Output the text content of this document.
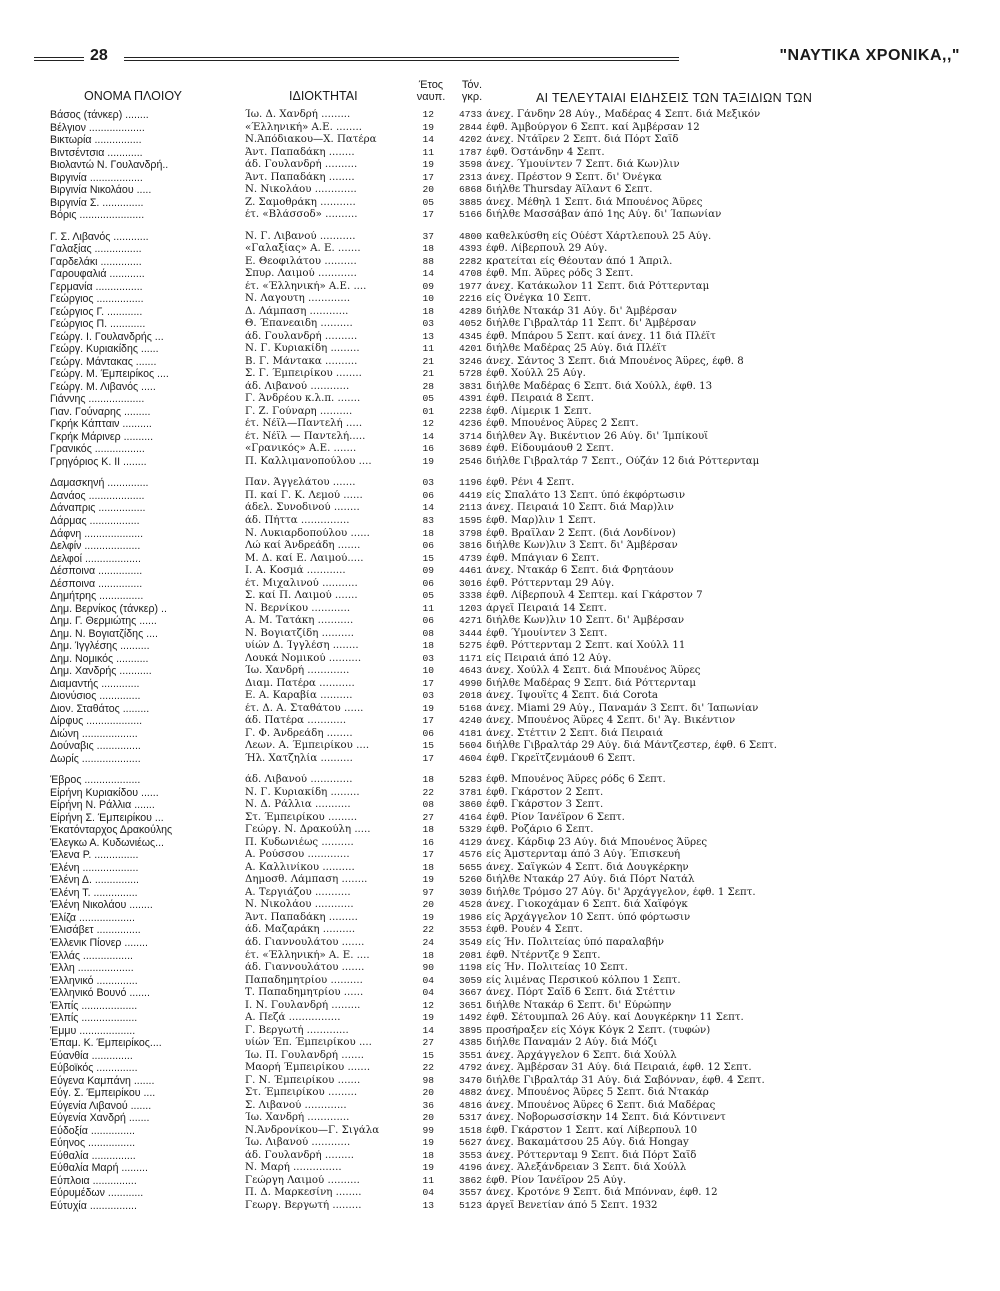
28	"ΝΑΥΤΙΚΑ ΧΡΟΝΙΚΑ,,"
ΟΝΟΜΑ ΠΛΟΙΟΥ	ΙΔΙΟΚΤΗΤΑΙ
Έτος
ναυπ.
Τόν.
γκρ.	ΑΙ ΤΕΛΕΥΤΑΙΑΙ ΕΙΔΗΣΕΙΣ ΤΩΝ ΤΑΞΙΔΙΩΝ ΤΩΝ
Βάσος (τάνκερ) ........	Ίω. Δ. Χανδρή .........	12	4733 άνεχ. Γάνδην 28 Αύγ., Μαδέρας 4 Σεπτ. διά Μεξικόν
Βέλγιον ...................	«Έλληνική» Α.Ε. ........	19	2844 έφθ. Άμβούργον 6 Σεπτ. καί Άμβέρσαν 12
Βικτωρία ................	Ν.Άπόδιακου—Χ. Πατέρα	14	4202 άνεχ. Ντάϊρεν 2 Σεπτ. διά Πόρτ Σαΐδ
Βιντσέντσια ............	Άντ. Παπαδάκη ........	11	1787 έφθ. Όστάνδην 4 Σεπτ.
Βιολαντώ Ν. Γουλανδρή..	άδ. Γουλανδρή ..........	19	3598 άνεχ. Ύμουίντεν 7 Σεπτ. διά Κων)λιν
Βιργινία ..................	Άντ. Παπαδάκη ........	17	2313 άνεχ. Πρέστον 9 Σεπτ. δι' Όνέγκα
Βιργινία Νικολάου .....	Ν. Νικολάου .............	20	6868 διήλθε Thursday Άϊλαντ 6 Σεπτ.
Βιργινία Σ. ..............	Ζ. Σαμοθράκη ...........	05	3885 άνεχ. Μέθηλ 1 Σεπτ. διά Μπουένος Άϋρες
Βόρις ......................	έτ. «Βλάσσοδ» ..........	17	5166 διήλθε Μασσάβαν άπό 1ης Αύγ. δι' Ίαπωνίαν
Γ. Σ. Λιβανός ............	Ν. Γ. Λιβανού ...........	37	4800 καθελκύσθη είς Ούέστ Χάρτλεπουλ 25 Αύγ.
Γαλαξίας ................	«Γαλαξίας» Α. Ε. .......	18	4393 έφθ. Λίβερπουλ 29 Αύγ.
Γαρδελάκι ..............	Ε. Θεοφιλάτου ..........	88	2282 κρατείται είς Θέουταν άπό 1 Άπριλ.
Γαρουφαλιά ............	Σπυρ. Λαιμού ............	14	4708 έφθ. Μπ. Άϋρες ρόδς 3 Σεπτ.
Γερμανία ................	έτ. «Έλληνική» Α.Ε. ....	09	1977 άνεχ. Κατάκωλον 11 Σεπτ. διά Ρόττερνταμ
Γεώργιος ................	Ν. Λαγουτη .............	10	2216 είς Όνέγκα 10 Σεπτ.
Γεώργιος Γ. ............	Δ. Λάμπαση ............	18	4289 διήλθε Ντακάρ 31 Αύγ. δι' Άμβέρσαν
Γεώργιος Π. ............	Θ. Έπανεαιδη ..........	03	4052 διήλθε Γιβραλτάρ 11 Σεπτ. δι' Άμβέρσαν
Γεώργ. Ι. Γουλανδρής ...	άδ. Γουλανδρή ..........	13	4345 έφθ. Μπάρου 5 Σεπτ. καί άνεχ. 11 διά Πλέϊτ
Γεώργ. Κυριακίδης ......	Ν. Γ. Κυριακίδη .........	11	4201 διήλθε Μαδέρας 25 Αύγ. διά Πλέϊτ
Γεώργ. Μάντακας .......	Β. Γ. Μάντακα ..........	21	3246 άνεχ. Σάντος 3 Σεπτ. διά Μπουένος Άϋρες, έφθ. 8
Γεώργ. Μ. Έμπειρίκος ....	Σ. Γ. Έμπειρίκου ........	21	5728 έφθ. Χούλλ 25 Αύγ.
Γεώργ. Μ. Λιβανός .....	άδ. Λιβανού ............	28	3831 διήλθε Μαδέρας 6 Σεπτ. διά Χούλλ, έφθ. 13
Γιάννης ...................	Γ. Άνδρέου κ.λ.π. .......	05	4391 έφθ. Πειραιά 8 Σεπτ.
Γιαν. Γούναρης .........	Γ. Ζ. Γούναρη ..........	01	2238 έφθ. Λίμερικ 1 Σεπτ.
Γκρήκ Κάπταιν ..........	έτ. Νέϊλ—Παντελή .....	12	4236 έφθ. Μπουένος Άϋρες 2 Σεπτ.
Γκρήκ Μάρινερ ..........	έτ. Νέϊλ — Παντελή.....	14	3714 διήλθεν Άγ. Βικέντιον 26 Αύγ. δι' Ίμπίκουϊ
Γρανικός .................	«Γρανικός» Α.Ε. .......	16	3689 έφθ. Είδουμάουθ 2 Σεπτ.
Γρηγόριος Κ. ΙΙ ........	Π. Καλλιμανοπούλου ....	19	2546 διήλθε Γιβραλτάρ 7 Σεπτ., Ούζάν 12 διά Ρόττερνταμ
Δαμασκηνή ..............	Παν. Άγγελάτου .......	03	1196 έφθ. Ρένι 4 Σεπτ.
Δανάος ...................	Π. καί Γ. Κ. Λεμού ......	06	4419 είς Σπαλάτο 13 Σεπτ. ύπό έκφόρτωσιν
Δάναπρις ................	άδελ. Συνοδινού ........	14	2113 άνεχ. Πειραιά 10 Σεπτ. διά Μαρ)λιν
Δάρμας .................	άδ. Πήττα ...............	83	1595 έφθ. Μαρ)λιν 1 Σεπτ.
Δάφνη ....................	Ν. Λυκιαρδοπούλου ......	18	3798 έφθ. Βραΐλαν 2 Σεπτ. (διά Λονδίνον)
Δελφίν ...................	Λώ καί Άνδρεάδη .......	06	3816 διήλθε Κων)λιν 3 Σεπτ. δι' Άμβέρσαν
Δελφοί ...................	Μ. Δ. καί Ε. Λαιμού.....	15	4739 έφθ. Μπάγιαν 6 Σεπτ.
Δέσποινα ...............	Ι. Α. Κοσμά ............	09	4461 άνεχ. Ντακάρ 6 Σεπτ. διά Φρητάουν
Δέσποινα ...............	έτ. Μιχαλινού ...........	06	3016 έφθ. Ρόττερνταμ 29 Αύγ.
Δημήτρης ...............	Σ. καί Π. Λαιμού .......	05	3338 έφθ. Λίβερπουλ 4 Σεπτεμ. καί Γκάρστον 7
Δημ. Βερνίκος (τάνκερ) ..	Ν. Βερνίκου ............	11	1203 άργεϊ Πειραιά 14 Σεπτ.
Δημ. Γ. Θερμιώτης ......	Α. Μ. Τατάκη ...........	06	4271 διήλθε Κων)λιν 10 Σεπτ. δι' Άμβέρσαν
Δημ. Ν. Βογιατζίδης ....	Ν. Βογιατζίδη ..........	08	3444 έφθ. Ύμουίντεν 3 Σεπτ.
Δημ. Ίγγλέσης ..........	υίών Δ. Ίγγλέση ........	18	5275 έφθ. Ρόττερνταμ 2 Σεπτ. καί Χούλλ 11
Δημ. Νομικός ...........	Λουκά Νομικού ..........	03	1171 είς Πειραιά άπό 12 Αύγ.
Δημ. Χανδρής ...........	Ίω. Χανδρή .............	10	4643 άνεχ. Χούλλ 4 Σεπτ. διά Μπουένος Άϋρες
Διαμαντής .............	Διαμ. Πατέρα ...........	17	4990 διήλθε Μαδέρας 9 Σεπτ. διά Ρόττερνταμ
Διονύσιος ..............	Ε. Α. Καραβία ..........	03	2018 άνεχ. Ίψουΐτς 4 Σεπτ. διά Corota
Διον. Σταθάτος .........	έτ. Δ. Α. Σταθάτου ......	19	5168 άνεχ. Miami 29 Αύγ., Παναμάν 3 Σεπτ. δι' Ίαπωνίαν
Δίρφυς ...................	άδ. Πατέρα ............	17	4240 άνεχ. Μπουένος Άϋρες 4 Σεπτ. δι' Άγ. Βικέντιον
Διώνη ...................	Γ. Φ. Άνδρεάδη ........	06	4181 άνεχ. Στέττιν 2 Σεπτ. διά Πειραιά
Δούναβις ...............	Λεων. Α. Έμπειρίκου ....	15	5604 διήλθε Γιβραλτάρ 29 Αύγ. διά Μάντζεστερ, έφθ. 6 Σεπτ.
Δωρίς ....................	Ήλ. Χατζηλία ..........	17	4604 έφθ. Γκρεϊτζενμάουθ 6 Σεπτ.
Έβρος ...................	άδ. Λιβανού .............	18	5283 έφθ. Μπουένος Άϋρες ρόδς 6 Σεπτ.
Είρήνη Κυριακίδου ......	Ν. Γ. Κυριακίδη .........	22	3781 έφθ. Γκάρστον 2 Σεπτ.
Είρήνη Ν. Ράλλια .......	Ν. Δ. Ράλλια ...........	08	3860 έφθ. Γκάρστον 3 Σεπτ.
Είρήνη Σ. Έμπειρίκου ...	Στ. Έμπειρίκου .........	27	4164 έφθ. Ρίον Ίανέϊρον 6 Σεπτ.
Έκατόνταρχος Δρακούλης	Γεώργ. Ν. Δρακούλη .....	18	5329 έφθ. Ροζάριο 6 Σεπτ.
Έλεγκω Α. Κυδωνιέως...	Π. Κυδωνιέως ..........	16	4129 άνεχ. Κάρδιφ 23 Αύγ. διά Μπουένος Άϋρες
Έλενα Ρ. ...............	Α. Ρούσσου .............	17	4576 είς Άμστερνταμ άπό 3 Αύγ. Έπισκευή
Έλένη ...................	Α. Καλλινίκου ..........	18	5655 άνεχ. Σαϊγκών 4 Σεπτ. διά Δουγκέρκην
Έλένη Δ. ...............	Δημοσθ. Λάμπαση ........	19	5260 διήλθε Ντακάρ 27 Αύγ. διά Πόρτ Νατάλ
Έλένη Τ. ...............	Α. Τεργιάζου ...........	97	3039 διήλθε Τρόμσο 27 Αύγ. δι' Άρχάγγελον, έφθ. 1 Σεπτ.
Έλένη Νικολάου ........	Ν. Νικολάου ............	20	4528 άνεχ. Γιοκοχάμαν 6 Σεπτ. διά Χαϊφόγκ
Έλίζα ...................	Άντ. Παπαδάκη .........	19	1986 είς Άρχάγγελον 10 Σεπτ. ύπό φόρτωσιν
Έλισάβετ ...............	άδ. Μαζαράκη ..........	22	3553 έφθ. Ρουέν 4 Σεπτ.
Έλλενικ Πίονερ ........	άδ. Γιαννουλάτου .......	24	3549 είς Ήν. Πολιτείας ύπό παραλαβήν
Έλλάς .................	έτ. «Έλληνική» Α. Ε. ....	18	2081 έφθ. Ντέρντζε 9 Σεπτ.
Έλλη ...................	άδ. Γιαννουλάτου .......	90	1198 είς Ήν. Πολιτείας 10 Σεπτ.
Έλληνικό ..............	Παπαδημητρίου ..........	04	3059 είς λιμένας Περσικού κόλπου 1 Σεπτ.
Έλληνικό Βουνό .......	Τ. Παπαδημητρίου ......	04	3667 άνεχ. Πόρτ Σαΐδ 6 Σεπτ. διά Στέττιν
Έλπίς ...................	Ι. Ν. Γουλανδρή .........	12	3651 διήλθε Ντακάρ 6 Σεπτ. δι' Εύρώπην
Έλπίς ...................	Α. Πεζά ................	19	1492 έφθ. Σέτουμπαλ 26 Αύγ. καί Δουγκέρκην 11 Σεπτ.
Έμμυ ...................	Γ. Βεργωτή .............	14	3895 προσήραξεν είς Χόγκ Κόγκ 2 Σεπτ. (τυφών)
Έπαμ. Κ. Έμπειρίκος....	υίών Έπ. Έμπειρίκου ....	27	4385 διήλθε Παναμάν 2 Αύγ. διά Μόζι
Εύανθία ..............	Ίω. Π. Γουλανδρή .......	15	3551 άνεχ. Άρχάγγελον 6 Σεπτ. διά Χούλλ
Εύβοϊκός ..............	Μαορή Έμπειρίκου .......	22	4792 άνεχ. Άμβέρσαν 31 Αύγ. διά Πειραιά, έφθ. 12 Σεπτ.
Εύγενα Καμπάνη .......	Γ. Ν. Έμπειρίκου .......	98	3470 διήλθε Γιβραλτάρ 31 Αύγ. διά Σαβόνναν, έφθ. 4 Σεπτ.
Εύγ. Σ. Έμπειρίκου ....	Στ. Έμπειρίκου .........	20	4882 άνεχ. Μπουένος Άϋρες 5 Σεπτ. διά Ντακάρ
Εύγενία Λιβανού .......	Σ. Λιβανού .............	36	4816 άνεχ. Μπουένος Άϋρες 6 Σεπτ. διά Μαδέρας
Εύγενία Χανδρή .......	Ίω. Χανδρή .............	20	5317 άνεχ. Νοβορωσσίσκην 14 Σεπτ. διά Κόντινεντ
Εύδοξία ...............	Ν.Άνδρονίκου—Γ. Σιγάλα	99	1518 έφθ. Γκάρστον 1 Σεπτ. καί Λίβερπουλ 10
Εύηνος ................	Ίω. Λιβανού ............	19	5627 άνεχ. Βακαμάτσου 25 Αύγ. διά Hongay
Εύθαλία ...............	άδ. Γουλανδρή .........	18	3553 άνεχ. Ρόττερνταμ 9 Σεπτ. διά Πόρτ Σαΐδ
Εύθαλία Μαρή .........	Ν. Μαρή ...............	19	4196 άνεχ. Άλεξάνδρειαν 3 Σεπτ. διά Χούλλ
Εύπλοια ...............	Γεώργη Λαιμού ..........	11	3862 έφθ. Ρίον Ίανέϊρον 25 Αύγ.
Εύρυμέδων ............	Π. Δ. Μαρκεσίνη ........	04	3557 άνεχ. Κροτόνε 9 Σεπτ. διά Μπόνναν, έφθ. 12
Εύτυχία ................	Γεωργ. Βεργωτή .........	13	5123 άργεϊ Βενετίαν άπό 5 Σεπτ. 1932
